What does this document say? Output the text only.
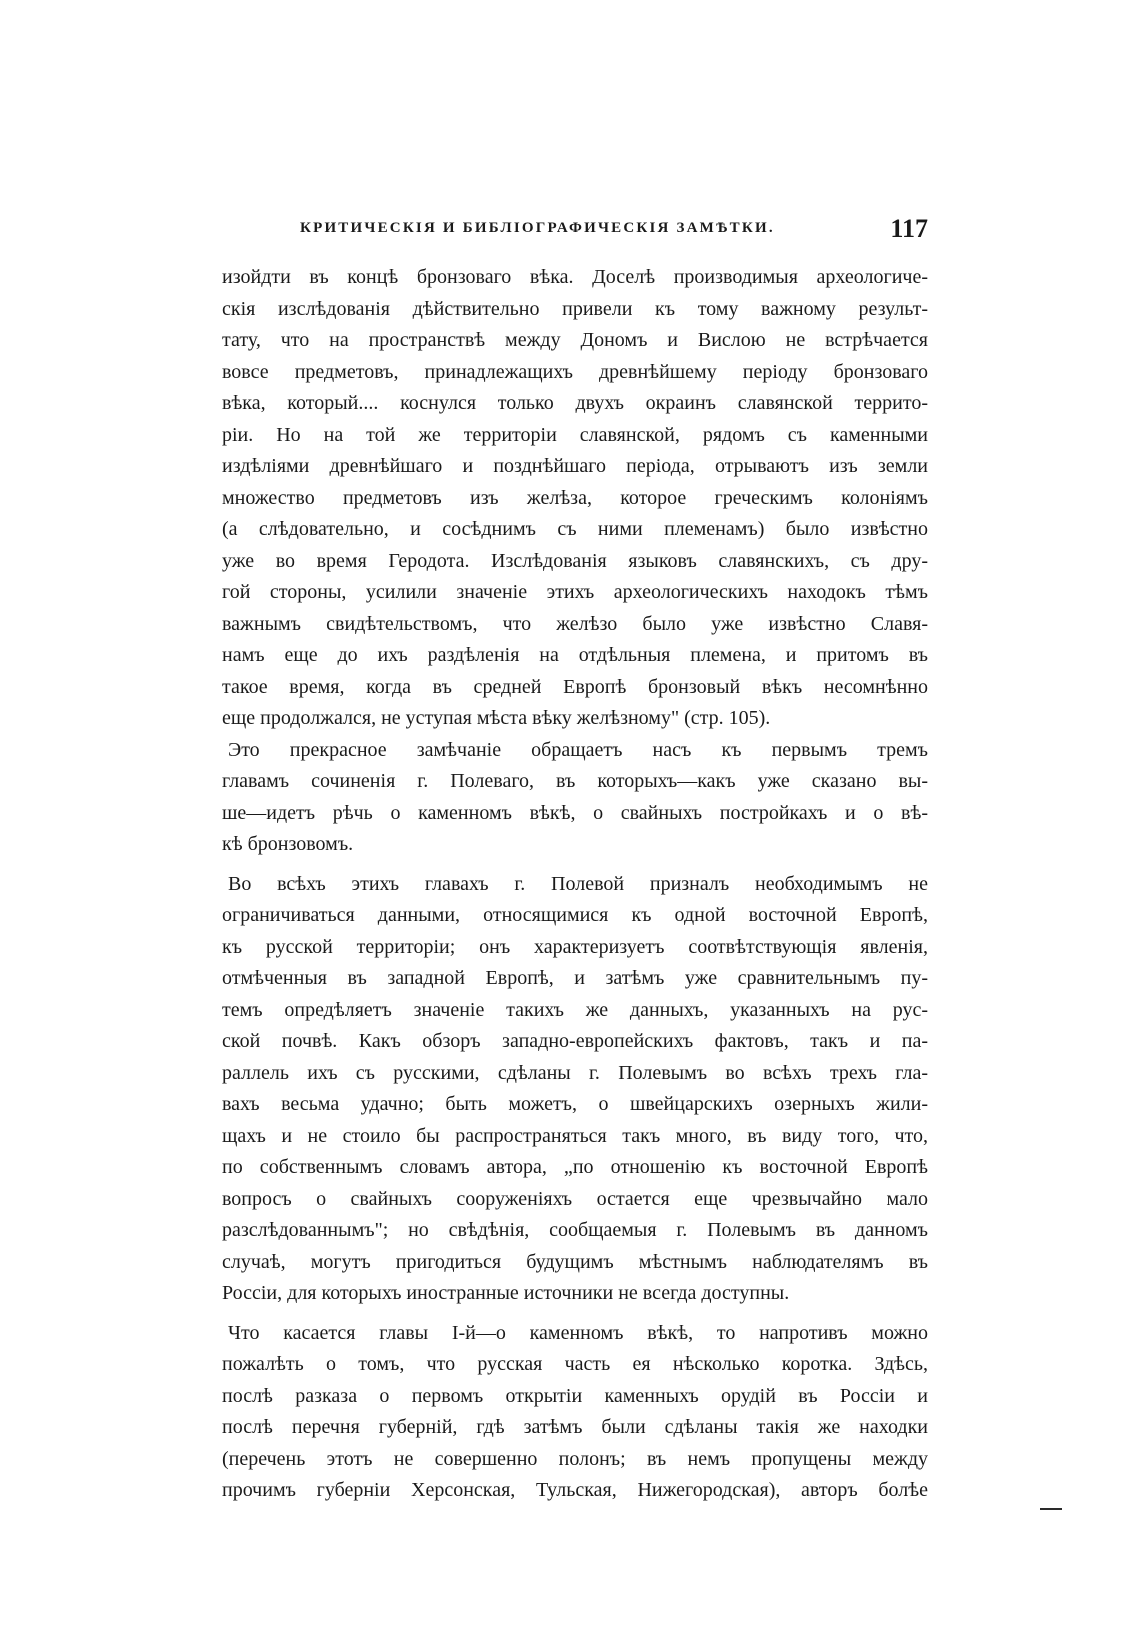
КРИТИЧЕСКІЯ И БИБЛІОГРАФИЧЕСКІЯ ЗАМѢТКИ.	117
изойдти въ концѣ бронзоваго вѣка. Доселѣ производимыя археологиче-
скія изслѣдованія дѣйствительно привели къ тому важному результ-
тату, что на пространствѣ между Дономъ и Вислою не встрѣчается
вовсе предметовъ, принадлежащихъ древнѣйшему періоду бронзоваго
вѣка, который.... коснулся только двухъ окраинъ славянской террито-
ріи. Но на той же территоріи славянской, рядомъ съ каменными
издѣліями древнѣйшаго и позднѣйшаго періода, отрываютъ изъ земли
множество предметовъ изъ желѣза, которое греческимъ колоніямъ
(а слѣдовательно, и сосѣднимъ съ ними племенамъ) было извѣстно
уже во время Геродота. Изслѣдованія языковъ славянскихъ, съ дру-
гой стороны, усилили значеніе этихъ археологическихъ находокъ тѣмъ
важнымъ свидѣтельствомъ, что желѣзо было уже извѣстно Славя-
намъ еще до ихъ раздѣленія на отдѣльныя племена, и притомъ въ
такое время, когда въ средней Европѣ бронзовый вѣкъ несомнѣнно
еще продолжался, не уступая мѣста вѣку желѣзному" (стр. 105).
Это прекрасное замѣчаніе обращаетъ насъ къ первымъ тремъ
главамъ сочиненія г. Полеваго, въ которыхъ—какъ уже сказано вы-
ше—идетъ рѣчь о каменномъ вѣкѣ, о свайныхъ постройкахъ и о вѣ-
кѣ бронзовомъ.
Во всѣхъ этихъ главахъ г. Полевой призналъ необходимымъ не
ограничиваться данными, относящимися къ одной восточной Европѣ,
къ русской территоріи; онъ характеризуетъ соотвѣтствующія явленія,
отмѣченныя въ западной Европѣ, и затѣмъ уже сравнительнымъ пу-
темъ опредѣляетъ значеніе такихъ же данныхъ, указанныхъ на рус-
ской почвѣ. Какъ обзоръ западно-европейскихъ фактовъ, такъ и па-
раллель ихъ съ русскими, сдѣланы г. Полевымъ во всѣхъ трехъ гла-
вахъ весьма удачно; быть можетъ, о швейцарскихъ озерныхъ жили-
щахъ и не стоило бы распространяться такъ много, въ виду того, что,
по собственнымъ словамъ автора, „по отношенію къ восточной Европѣ
вопросъ о свайныхъ сооруженіяхъ остается еще чрезвычайно мало
разслѣдованнымъ"; но свѣдѣнія, сообщаемыя г. Полевымъ въ данномъ
случаѣ, могутъ пригодиться будущимъ мѣстнымъ наблюдателямъ въ
Россіи, для которыхъ иностранные источники не всегда доступны.
Что касается главы I-й—о каменномъ вѣкѣ, то напротивъ можно
пожалѣть о томъ, что русская часть ея нѣсколько коротка. Здѣсь,
послѣ разказа о первомъ открытіи каменныхъ орудій въ Россіи и
послѣ перечня губерній, гдѣ затѣмъ были сдѣланы такія же находки
(перечень этотъ не совершенно полонъ; въ немъ пропущены между
прочимъ губерніи Херсонская, Тульская, Нижегородская), авторъ болѣе
